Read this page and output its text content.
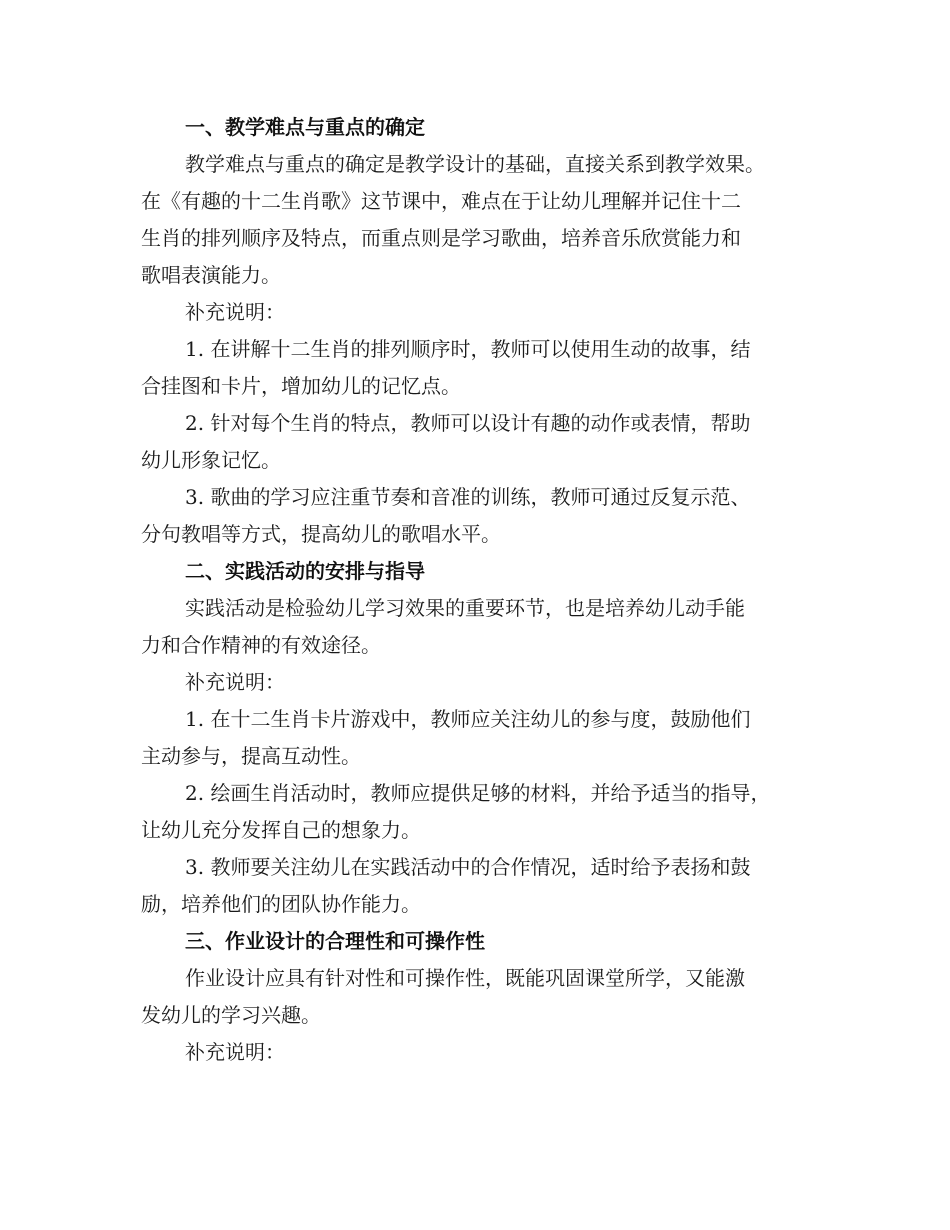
一、教学难点与重点的确定
教学难点与重点的确定是教学设计的基础，直接关系到教学效果。
在《有趣的十二生肖歌》这节课中，难点在于让幼儿理解并记住十二
生肖的排列顺序及特点，而重点则是学习歌曲，培养音乐欣赏能力和
歌唱表演能力。
补充说明：
1. 在讲解十二生肖的排列顺序时，教师可以使用生动的故事，结
合挂图和卡片，增加幼儿的记忆点。
2. 针对每个生肖的特点，教师可以设计有趣的动作或表情，帮助
幼儿形象记忆。
3. 歌曲的学习应注重节奏和音准的训练，教师可通过反复示范、
分句教唱等方式，提高幼儿的歌唱水平。
二、实践活动的安排与指导
实践活动是检验幼儿学习效果的重要环节，也是培养幼儿动手能
力和合作精神的有效途径。
补充说明：
1. 在十二生肖卡片游戏中，教师应关注幼儿的参与度，鼓励他们
主动参与，提高互动性。
2. 绘画生肖活动时，教师应提供足够的材料，并给予适当的指导，
让幼儿充分发挥自己的想象力。
3. 教师要关注幼儿在实践活动中的合作情况，适时给予表扬和鼓
励，培养他们的团队协作能力。
三、作业设计的合理性和可操作性
作业设计应具有针对性和可操作性，既能巩固课堂所学，又能激
发幼儿的学习兴趣。
补充说明：
